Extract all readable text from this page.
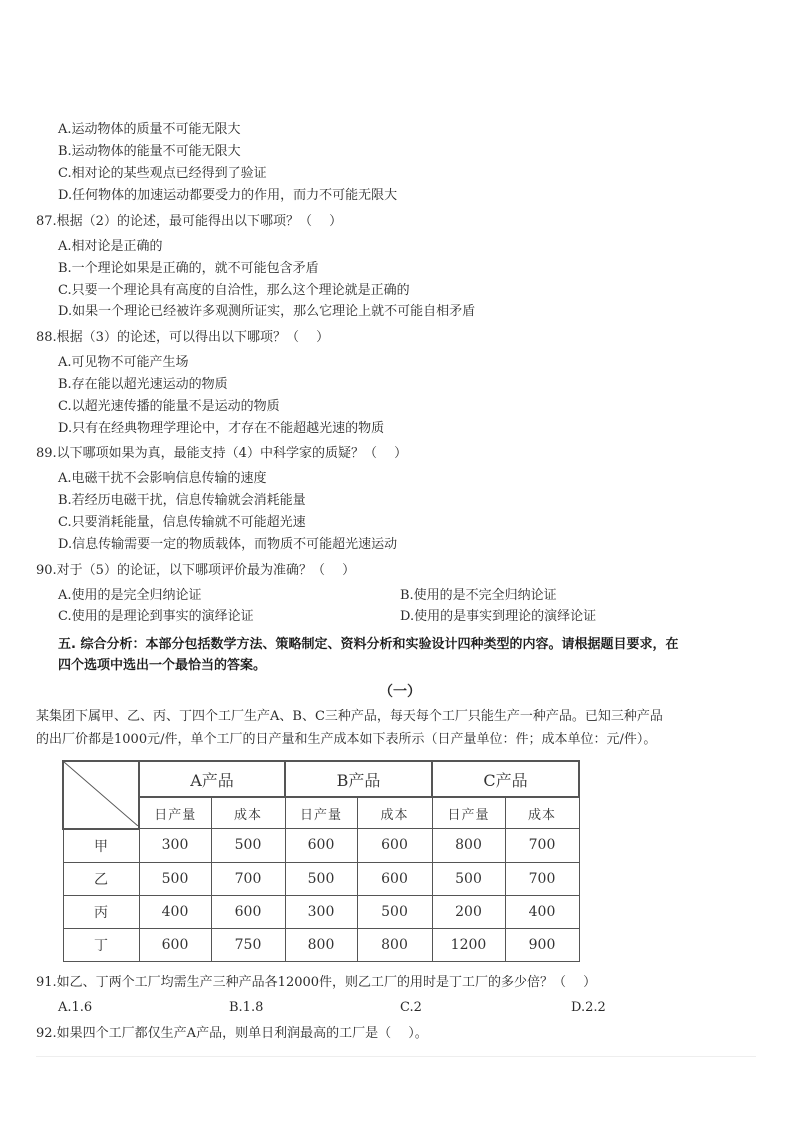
A.运动物体的质量不可能无限大
B.运动物体的能量不可能无限大
C.相对论的某些观点已经得到了验证
D.任何物体的加速运动都要受力的作用，而力不可能无限大
87.根据（2）的论述，最可能得出以下哪项？（　 ）
A.相对论是正确的
B.一个理论如果是正确的，就不可能包含矛盾
C.只要一个理论具有高度的自洽性，那么这个理论就是正确的
D.如果一个理论已经被许多观测所证实，那么它理论上就不可能自相矛盾
88.根据（3）的论述，可以得出以下哪项？（　 ）
A.可见物不可能产生场
B.存在能以超光速运动的物质
C.以超光速传播的能量不是运动的物质
D.只有在经典物理学理论中，才存在不能超越光速的物质
89.以下哪项如果为真，最能支持（4）中科学家的质疑？（　 ）
A.电磁干扰不会影响信息传输的速度
B.若经历电磁干扰，信息传输就会消耗能量
C.只要消耗能量，信息传输就不可能超光速
D.信息传输需要一定的物质载体，而物质不可能超光速运动
90.对于（5）的论证，以下哪项评价最为准确？（　 ）
A.使用的是完全归纳论证	B.使用的是不完全归纳论证
C.使用的是理论到事实的演绎论证	D.使用的是事实到理论的演绎论证
五. 综合分析：本部分包括数学方法、策略制定、资料分析和实验设计四种类型的内容。请根据题目要求，在
四个选项中选出一个最恰当的答案。
（一）
某集团下属甲、乙、丙、丁四个工厂生产A、B、C三种产品，每天每个工厂只能生产一种产品。已知三种产品
的出厂价都是1000元/件，单个工厂的日产量和生产成本如下表所示（日产量单位：件；成本单位：元/件）。
	A产品		B产品		C产品	
	日产量	成本	日产量	成本	日产量	成本
甲	300	500	600	600	800	700
乙	500	700	500	600	500	700
丙	400	600	300	500	200	400
丁	600	750	800	800	1200	900
91.如乙、丁两个工厂均需生产三种产品各12000件，则乙工厂的用时是丁工厂的多少倍？（　 ）
A.1.6	B.1.8	C.2	D.2.2
92.如果四个工厂都仅生产A产品，则单日利润最高的工厂是（　 ）。
